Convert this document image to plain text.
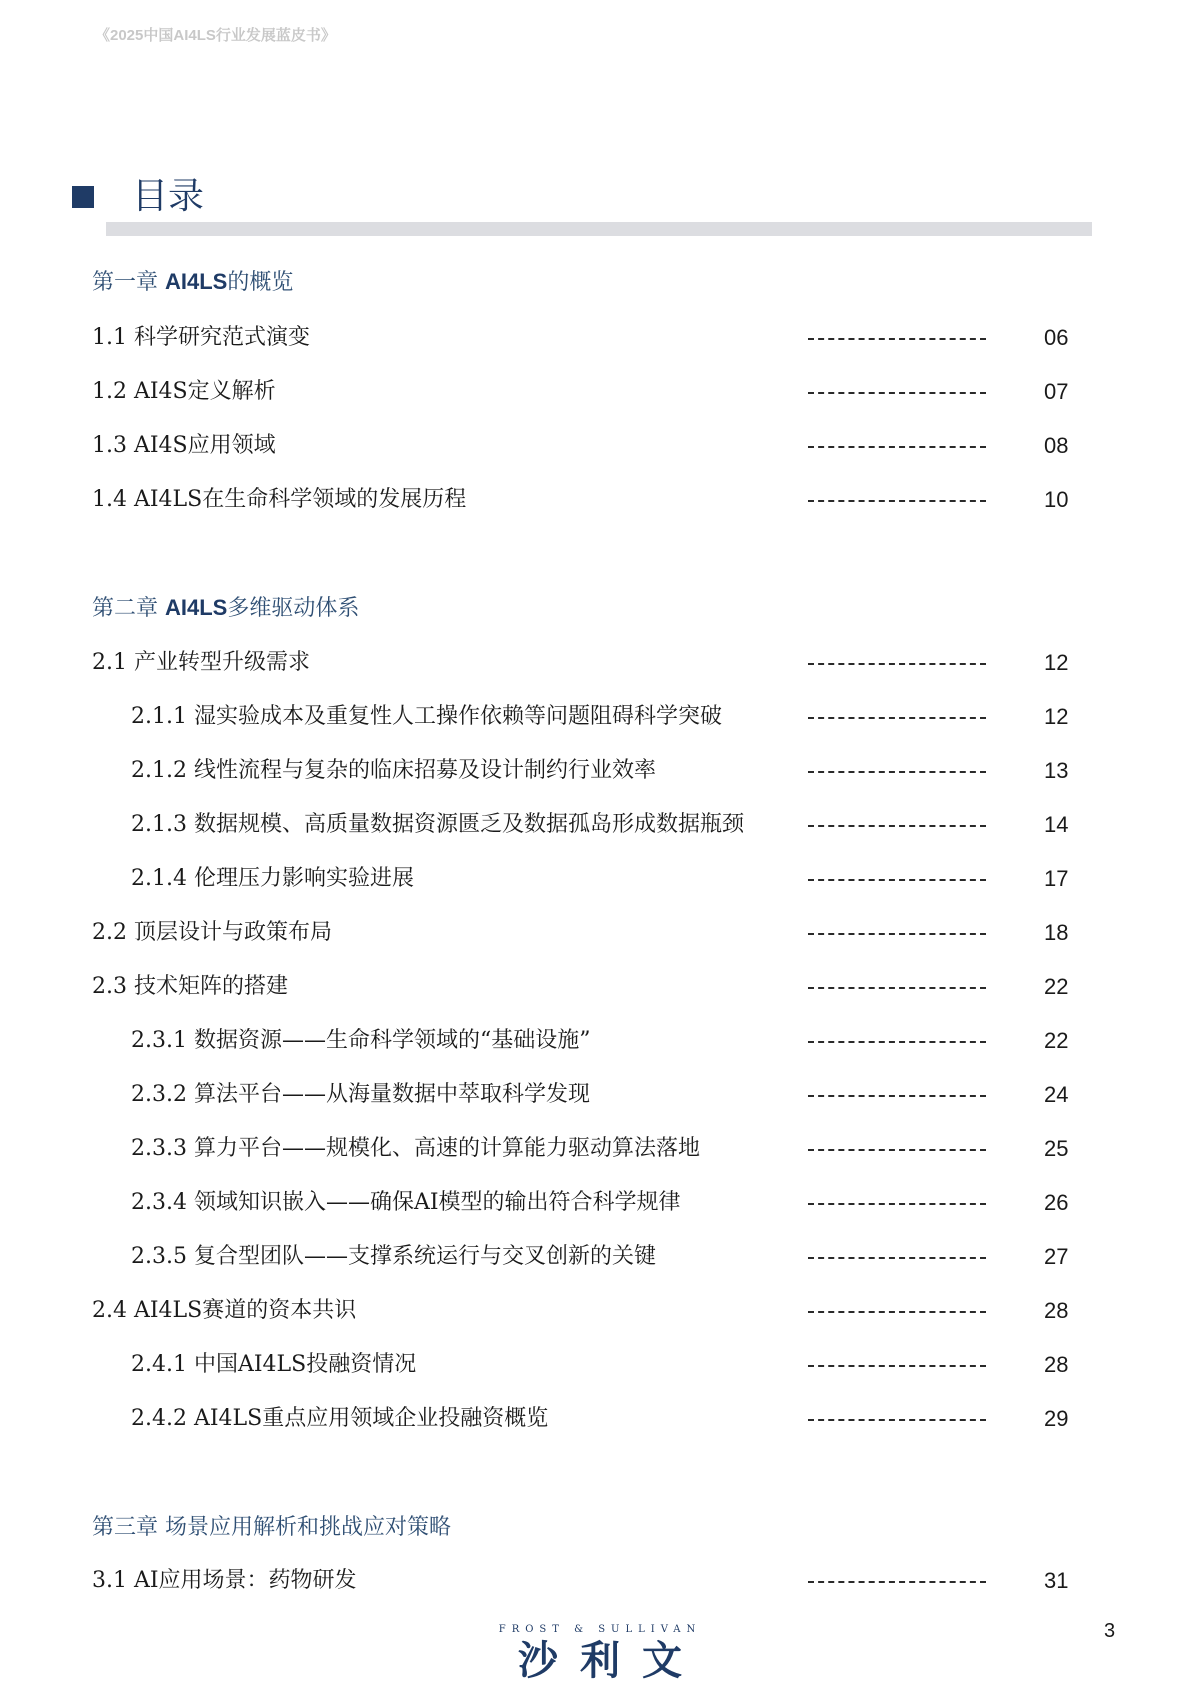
《2025中国AI4LS行业发展蓝皮书》
目录
第一章 AI4LS的概览
1.1 科学研究范式演变	06
1.2 AI4S定义解析	07
1.3 AI4S应用领域	08
1.4 AI4LS在生命科学领域的发展历程	10
第二章 AI4LS多维驱动体系
2.1 产业转型升级需求	12
2.1.1 湿实验成本及重复性人工操作依赖等问题阻碍科学突破	12
2.1.2 线性流程与复杂的临床招募及设计制约行业效率	13
2.1.3 数据规模、高质量数据资源匮乏及数据孤岛形成数据瓶颈	14
2.1.4 伦理压力影响实验进展	17
2.2 顶层设计与政策布局	18
2.3 技术矩阵的搭建	22
2.3.1 数据资源——生命科学领域的“基础设施”	22
2.3.2 算法平台——从海量数据中萃取科学发现	24
2.3.3 算力平台——规模化、高速的计算能力驱动算法落地	25
2.3.4 领域知识嵌入——确保AI模型的输出符合科学规律	26
2.3.5 复合型团队——支撑系统运行与交叉创新的关键	27
2.4 AI4LS赛道的资本共识	28
2.4.1 中国AI4LS投融资情况	28
2.4.2 AI4LS重点应用领域企业投融资概览	29
第三章 场景应用解析和挑战应对策略
3.1 AI应用场景：药物研发	31
FROST & SULLIVAN
沙利文
3
